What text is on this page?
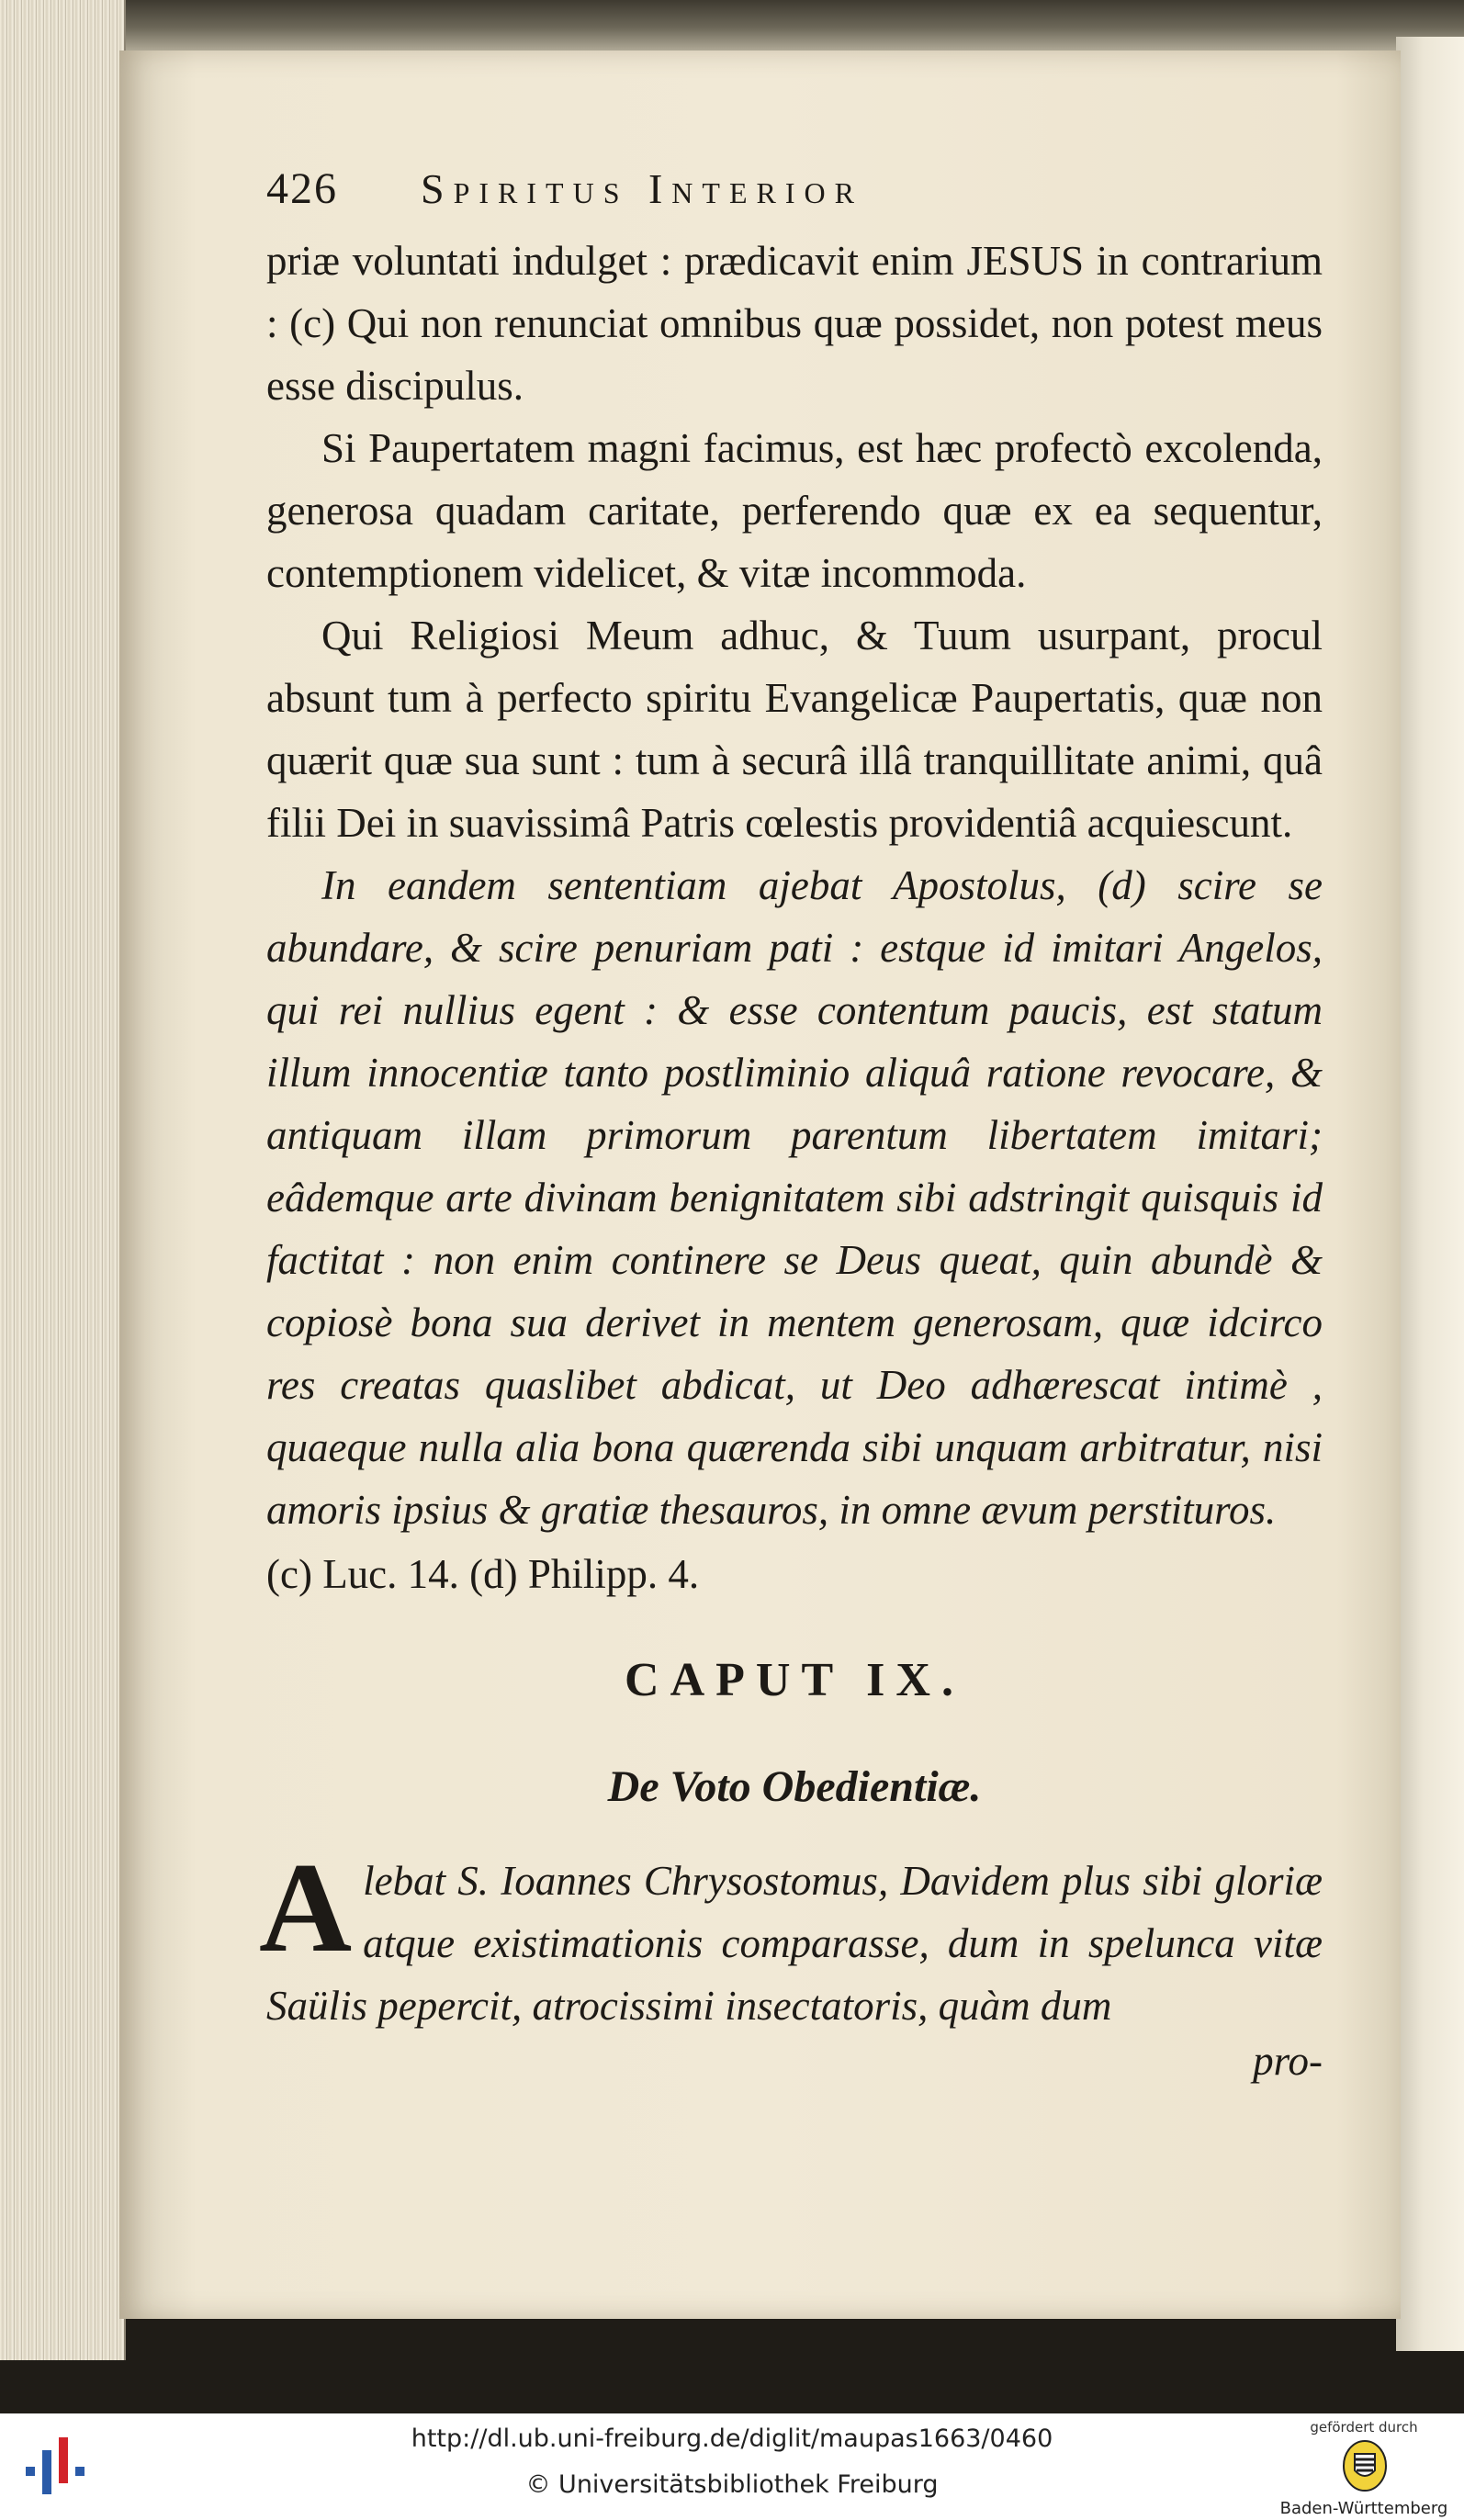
426 Spiritus Interior

priæ voluntati indulget : prædicavit enim JESUS in contrarium : (c) Qui non renunciat omnibus quæ possidet, non potest meus esse discipulus.

Si Paupertatem magni facimus, est hæc profectò excolenda, generosa quadam caritate, perferendo quæ ex ea sequentur, contemptionem videlicet, & vitæ incommoda.

Qui Religiosi Meum adhuc, & Tuum usurpant, procul absunt tum à perfecto spiritu Evangelicæ Paupertatis, quæ non quærit quæ sua sunt : tum à securâ illâ tranquillitate animi, quâ filii Dei in suavissimâ Patris cœlestis providentiâ acquiescunt.

In eandem sententiam ajebat Apostolus, (d) scire se abundare, & scire penuriam pati : estque id imitari Angelos, qui rei nullius egent : & esse contentum paucis, est statum illum innocentiæ tanto postliminio aliquâ ratione revocare, & antiquam illam primorum parentum libertatem imitari; eâdemque arte divinam benignitatem sibi adstringit quisquis id factitat : non enim continere se Deus queat, quin abundè & copiosè bona sua derivet in mentem generosam, quæ idcirco res creatas quaslibet abdicat, ut Deo adhærescat intimè , quaeque nulla alia bona quærenda sibi unquam arbitratur, nisi amoris ipsius & gratiæ thesauros, in omne ævum perstituros.

(c) Luc. 14. (d) Philipp. 4.
CAPUT IX.
De Voto Obedientiæ.
A lebat S. Ioannes Chrysostomus, Davidem plus sibi gloriæ atque existimationis comparasse, dum in spelunca vitæ Saülis pepercit, atrocissimi insectatoris, quàm dum
pro-
http://dl.ub.uni-freiburg.de/diglit/maupas1663/0460
© Universitätsbibliothek Freiburg
gefördert durch
Baden-Württemberg
